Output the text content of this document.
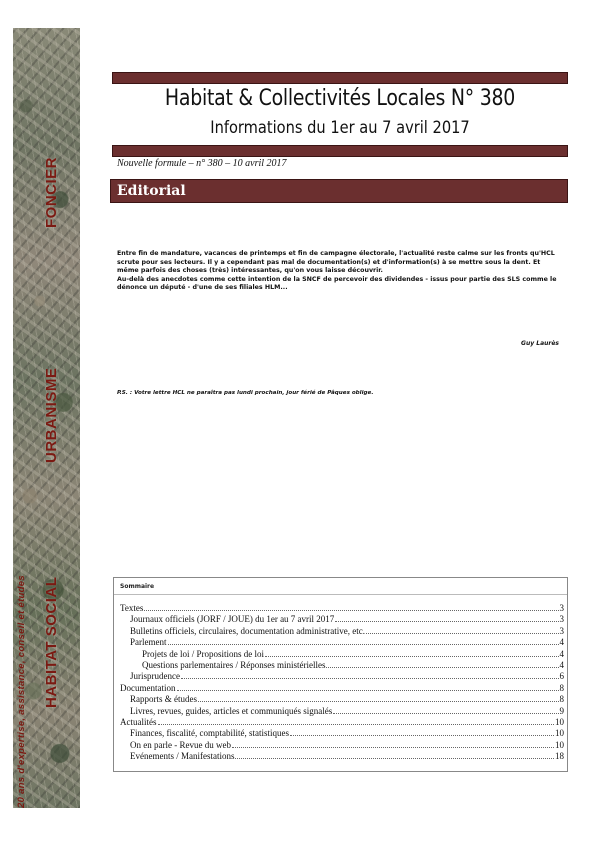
20 ans d'expertise, assistance, conseil et études HABITAT SOCIAL
URBANISME
FONCIER
Habitat & Collectivités Locales N° 380
Informations du 1er au 7 avril 2017
Nouvelle formule – n° 380 – 10 avril 2017
Editorial

Entre fin de mandature, vacances de printemps et fin de campagne électorale, l'actualité reste calme sur les fronts qu'HCL scrute pour ses lecteurs. Il y a cependant pas mal de documentation(s) et d'information(s) à se mettre sous la dent. Et même parfois des choses (très) intéressantes, qu'on vous laisse découvrir.

Au-delà des anecdotes comme cette intention de la SNCF de percevoir des dividendes - issus pour partie des SLS comme le dénonce un député - d'une de ses filiales HLM...

Guy Laurès
P.S. : Votre lettre HCL ne paraîtra pas lundi prochain, jour férié de Pâques oblige.
Sommaire
Textes	3
Journaux officiels (JORF / JOUE) du 1er au 7 avril 2017	3
Bulletins officiels, circulaires, documentation administrative, etc.	3
Parlement	4
Projets de loi / Propositions de loi	4
Questions parlementaires / Réponses ministérielles	4
Jurisprudence	6
Documentation	8
Rapports & études	8
Livres, revues, guides, articles et communiqués signalés	9
Actualités	10
Finances, fiscalité, comptabilité, statistiques	10
On en parle - Revue du web	10
Evénements / Manifestations	18
